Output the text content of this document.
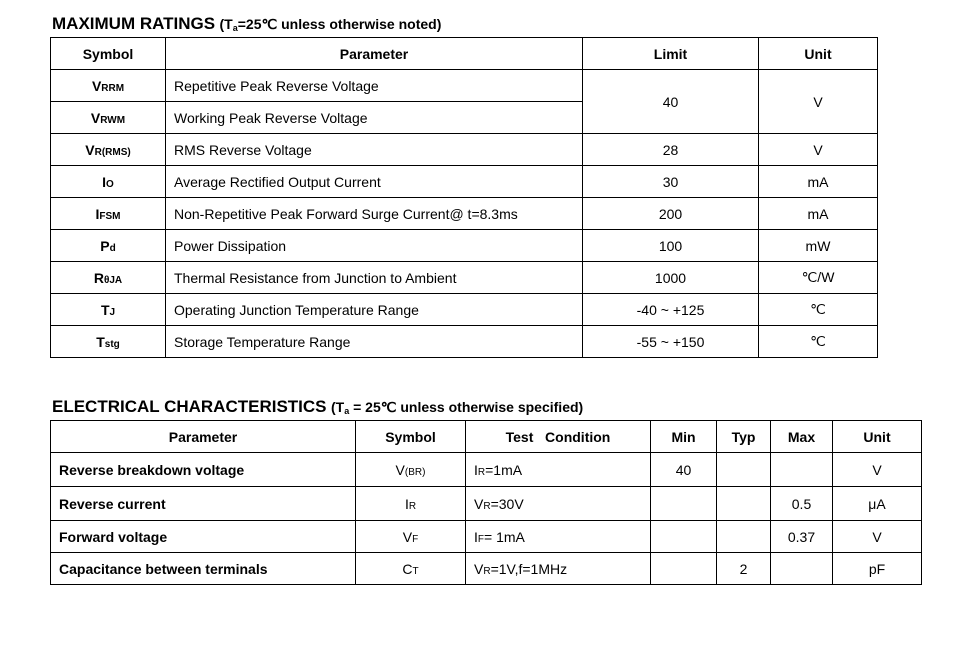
MAXIMUM RATINGS ($T_a=25℃$ unless otherwise noted)
Symbol	Parameter	Limit	Unit
VRRM	Repetitive Peak Reverse Voltage	40	V
VRWM	Working Peak Reverse Voltage		
VR(RMS)	RMS Reverse Voltage	28	V
IO	Average Rectified Output Current	30	mA
IFSM	Non-Repetitive Peak Forward Surge Current@ t=8.3ms	200	mA
Pd	Power Dissipation	100	mW
RθJA	Thermal Resistance from Junction to Ambient	1000	℃/W
TJ	Operating Junction Temperature Range	-40 ~ +125	℃
Tstg	Storage Temperature Range	-55 ~ +150	℃
ELECTRICAL CHARACTERISTICS ($T_a$ = 25℃ unless otherwise specified)
Parameter	Symbol	Test   Condition	Min	Typ	Max	Unit
Reverse breakdown voltage	V(BR)	IR=1mA	40			V
Reverse current	IR	VR=30V			0.5	μA
Forward voltage	VF	IF= 1mA			0.37	V
Capacitance between terminals	CT	VR=1V,f=1MHz		2		pF
